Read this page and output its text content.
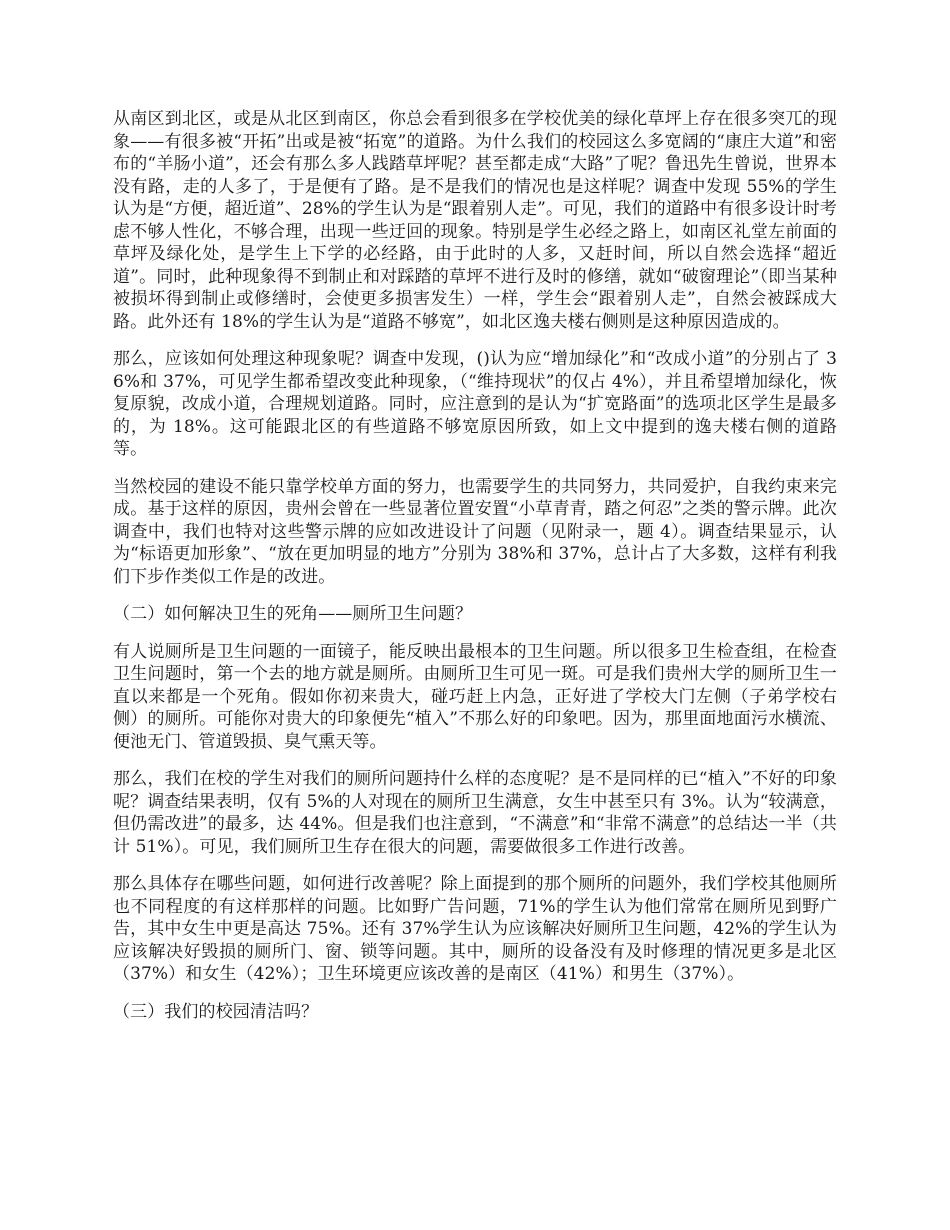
从南区到北区，或是从北区到南区，你总会看到很多在学校优美的绿化草坪上存在很多突兀的现象——有很多被“开拓”出或是被“拓宽”的道路。为什么我们的校园这么多宽阔的“康庄大道”和密布的“羊肠小道”，还会有那么多人践踏草坪呢？甚至都走成“大路”了呢？鲁迅先生曾说，世界本没有路，走的人多了，于是便有了路。是不是我们的情况也是这样呢？调查中发现 55%的学生认为是“方便，超近道”、28%的学生认为是“跟着别人走”。可见，我们的道路中有很多设计时考虑不够人性化，不够合理，出现一些迂回的现象。特别是学生必经之路上，如南区礼堂左前面的草坪及绿化处，是学生上下学的必经路，由于此时的人多，又赶时间，所以自然会选择“超近道”。同时，此种现象得不到制止和对踩踏的草坪不进行及时的修缮，就如“破窗理论”（即当某种被损坏得到制止或修缮时，会使更多损害发生）一样，学生会“跟着别人走”，自然会被踩成大路。此外还有 18%的学生认为是“道路不够宽”，如北区逸夫楼右侧则是这种原因造成的。

那么，应该如何处理这种现象呢？调查中发现，()认为应“增加绿化”和“改成小道”的分别占了 36%和 37%，可见学生都希望改变此种现象，（“维持现状”的仅占 4%），并且希望增加绿化，恢复原貌，改成小道，合理规划道路。同时，应注意到的是认为“扩宽路面”的选项北区学生是最多的，为 18%。这可能跟北区的有些道路不够宽原因所致，如上文中提到的逸夫楼右侧的道路等。

当然校园的建设不能只靠学校单方面的努力，也需要学生的共同努力，共同爱护，自我约束来完成。基于这样的原因，贵州会曾在一些显著位置安置“小草青青，踏之何忍”之类的警示牌。此次调查中，我们也特对这些警示牌的应如改进设计了问题（见附录一，题 4）。调查结果显示，认为“标语更加形象”、“放在更加明显的地方”分别为 38%和 37%，总计占了大多数，这样有利我们下步作类似工作是的改进。

（二）如何解决卫生的死角——厕所卫生问题？

有人说厕所是卫生问题的一面镜子，能反映出最根本的卫生问题。所以很多卫生检查组，在检查卫生问题时，第一个去的地方就是厕所。由厕所卫生可见一斑。可是我们贵州大学的厕所卫生一直以来都是一个死角。假如你初来贵大，碰巧赶上内急，正好进了学校大门左侧（子弟学校右侧）的厕所。可能你对贵大的印象便先“植入”不那么好的印象吧。因为，那里面地面污水横流、便池无门、管道毁损、臭气熏天等。

那么，我们在校的学生对我们的厕所问题持什么样的态度呢？是不是同样的已“植入”不好的印象呢？调查结果表明，仅有 5%的人对现在的厕所卫生满意，女生中甚至只有 3%。认为“较满意，但仍需改进”的最多，达 44%。但是我们也注意到，“不满意”和“非常不满意”的总结达一半（共计 51%）。可见，我们厕所卫生存在很大的问题，需要做很多工作进行改善。

那么具体存在哪些问题，如何进行改善呢？除上面提到的那个厕所的问题外，我们学校其他厕所也不同程度的有这样那样的问题。比如野广告问题，71%的学生认为他们常常在厕所见到野广告，其中女生中更是高达 75%。还有 37%学生认为应该解决好厕所卫生问题，42%的学生认为应该解决好毁损的厕所门、窗、锁等问题。其中，厕所的设备没有及时修理的情况更多是北区（37%）和女生（42%）；卫生环境更应该改善的是南区（41%）和男生（37%）。

（三）我们的校园清洁吗？
